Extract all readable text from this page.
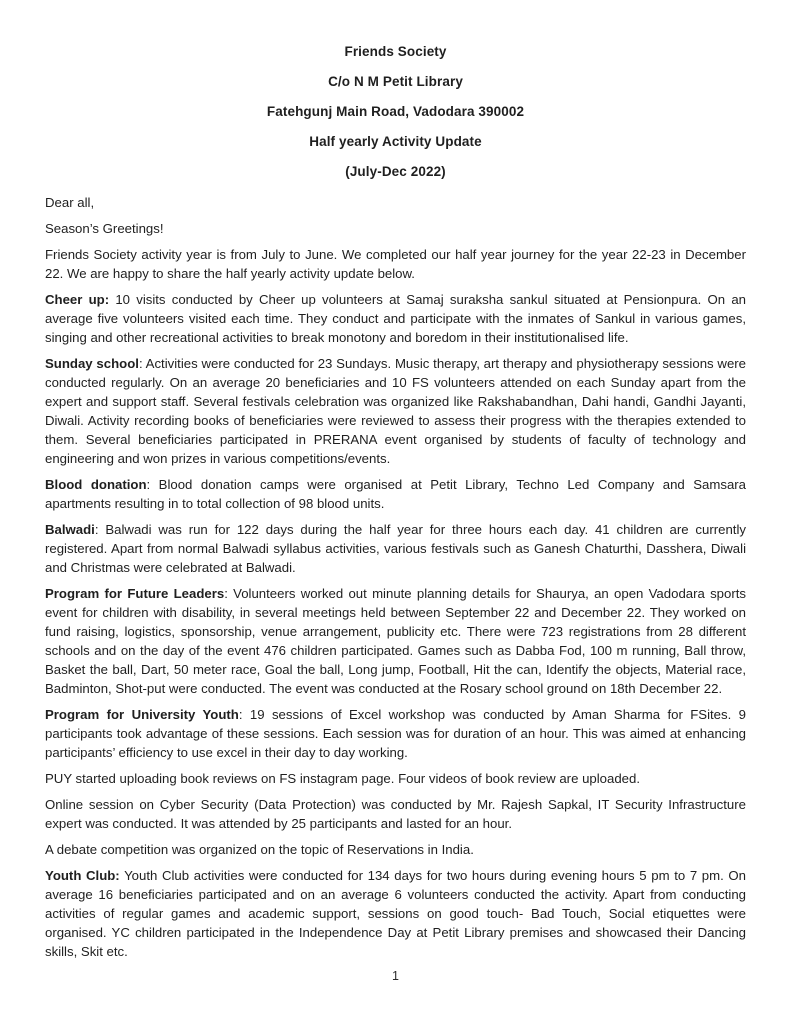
Friends Society
C/o N M Petit Library
Fatehgunj Main Road, Vadodara 390002
Half yearly Activity Update
(July-Dec 2022)

Dear all,

Season’s Greetings!

Friends Society activity year is from July to June. We completed our half year journey for the year 22-23 in December 22. We are happy to share the half yearly activity update below.

Cheer up: 10 visits conducted by Cheer up volunteers at Samaj suraksha sankul situated at Pensionpura. On an average five volunteers visited each time. They conduct and participate with the inmates of Sankul in various games, singing and other recreational activities to break monotony and boredom in their institutionalised life.

Sunday school: Activities were conducted for 23 Sundays. Music therapy, art therapy and physiotherapy sessions were conducted regularly. On an average 20 beneficiaries and 10 FS volunteers attended on each Sunday apart from the expert and support staff. Several festivals celebration was organized like Rakshabandhan, Dahi handi, Gandhi Jayanti, Diwali. Activity recording books of beneficiaries were reviewed to assess their progress with the therapies extended to them. Several beneficiaries participated in PRERANA event organised by students of faculty of technology and engineering and won prizes in various competitions/events.

Blood donation: Blood donation camps were organised at Petit Library, Techno Led Company and Samsara apartments resulting in to total collection of 98 blood units.

Balwadi: Balwadi was run for 122 days during the half year for three hours each day. 41 children are currently registered. Apart from normal Balwadi syllabus activities, various festivals such as Ganesh Chaturthi, Dasshera, Diwali and Christmas were celebrated at Balwadi.

Program for Future Leaders: Volunteers worked out minute planning details for Shaurya, an open Vadodara sports event for children with disability, in several meetings held between September 22 and December 22. They worked on fund raising, logistics, sponsorship, venue arrangement, publicity etc. There were 723 registrations from 28 different schools and on the day of the event 476 children participated. Games such as Dabba Fod, 100 m running, Ball throw, Basket the ball, Dart, 50 meter race, Goal the ball, Long jump, Football, Hit the can, Identify the objects, Material race, Badminton, Shot-put were conducted. The event was conducted at the Rosary school ground on 18th December 22.

Program for University Youth: 19 sessions of Excel workshop was conducted by Aman Sharma for FSites. 9 participants took advantage of these sessions. Each session was for duration of an hour. This was aimed at enhancing participants’ efficiency to use excel in their day to day working.

PUY started uploading book reviews on FS instagram page. Four videos of book review are uploaded.

Online session on Cyber Security (Data Protection) was conducted by Mr. Rajesh Sapkal, IT Security Infrastructure expert was conducted. It was attended by 25 participants and lasted for an hour.

A debate competition was organized on the topic of Reservations in India.

Youth Club: Youth Club activities were conducted for 134 days for two hours during evening hours 5 pm to 7 pm. On average 16 beneficiaries participated and on an average 6 volunteers conducted the activity. Apart from conducting activities of regular games and academic support, sessions on good touch- Bad Touch, Social etiquettes were organised. YC children participated in the Independence Day at Petit Library premises and showcased their Dancing skills, Skit etc.

1
